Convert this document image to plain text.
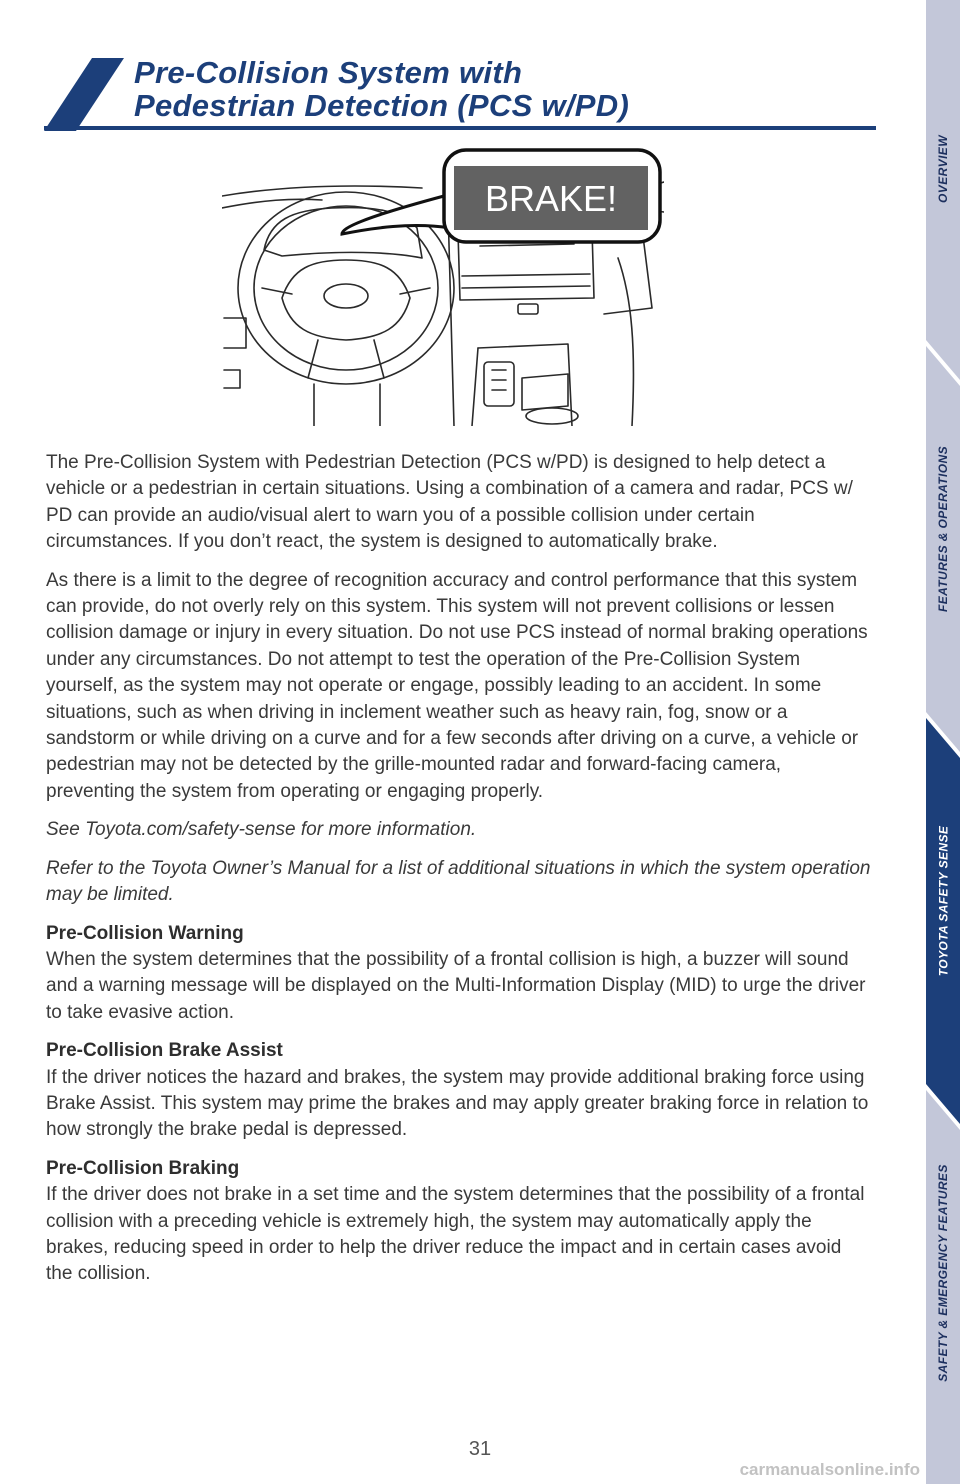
Pre-Collision System with
Pedestrian Detection (PCS w/PD)
BRAKE!

The Pre-Collision System with Pedestrian Detection (PCS w/PD) is designed to help detect a vehicle or a pedestrian in certain situations. Using a combination of a camera and radar, PCS w/ PD can provide an audio/visual alert to warn you of a possible collision under certain circumstances. If you don’t react, the system is designed to automatically brake.

As there is a limit to the degree of recognition accuracy and control performance that this system can provide, do not overly rely on this system. This system will not prevent collisions or lessen collision damage or injury in every situation. Do not use PCS instead of normal braking operations under any circumstances. Do not attempt to test the operation of the Pre-Collision System yourself, as the system may not operate or engage, possibly leading to an accident. In some situations, such as when driving in inclement weather such as heavy rain, fog, snow or a sandstorm or while driving on a curve and for a few seconds after driving on a curve, a vehicle or pedestrian may not be detected by the grille-mounted radar and forward-facing camera, preventing the system from operating or engaging properly.

See Toyota.com/safety-sense for more information.

Refer to the Toyota Owner’s Manual for a list of additional situations in which the system operation may be limited.

Pre-Collision Warning

When the system determines that the possibility of a frontal collision is high, a buzzer will sound and a warning message will be displayed on the Multi-Information Display (MID) to urge the driver to take evasive action.

Pre-Collision Brake Assist

If the driver notices the hazard and brakes, the system may provide additional braking force using Brake Assist. This system may prime the brakes and may apply greater braking force in relation to how strongly the brake pedal is depressed.

Pre-Collision Braking

If the driver does not brake in a set time and the system determines that the possibility of a frontal collision with a preceding vehicle is extremely high, the system may automatically apply the brakes, reducing speed in order to help the driver reduce the impact and in certain cases avoid the collision.

31
OVERVIEW
FEATURES & OPERATIONS
TOYOTA SAFETY SENSE
SAFETY & EMERGENCY FEATURES
carmanualsonline.info
